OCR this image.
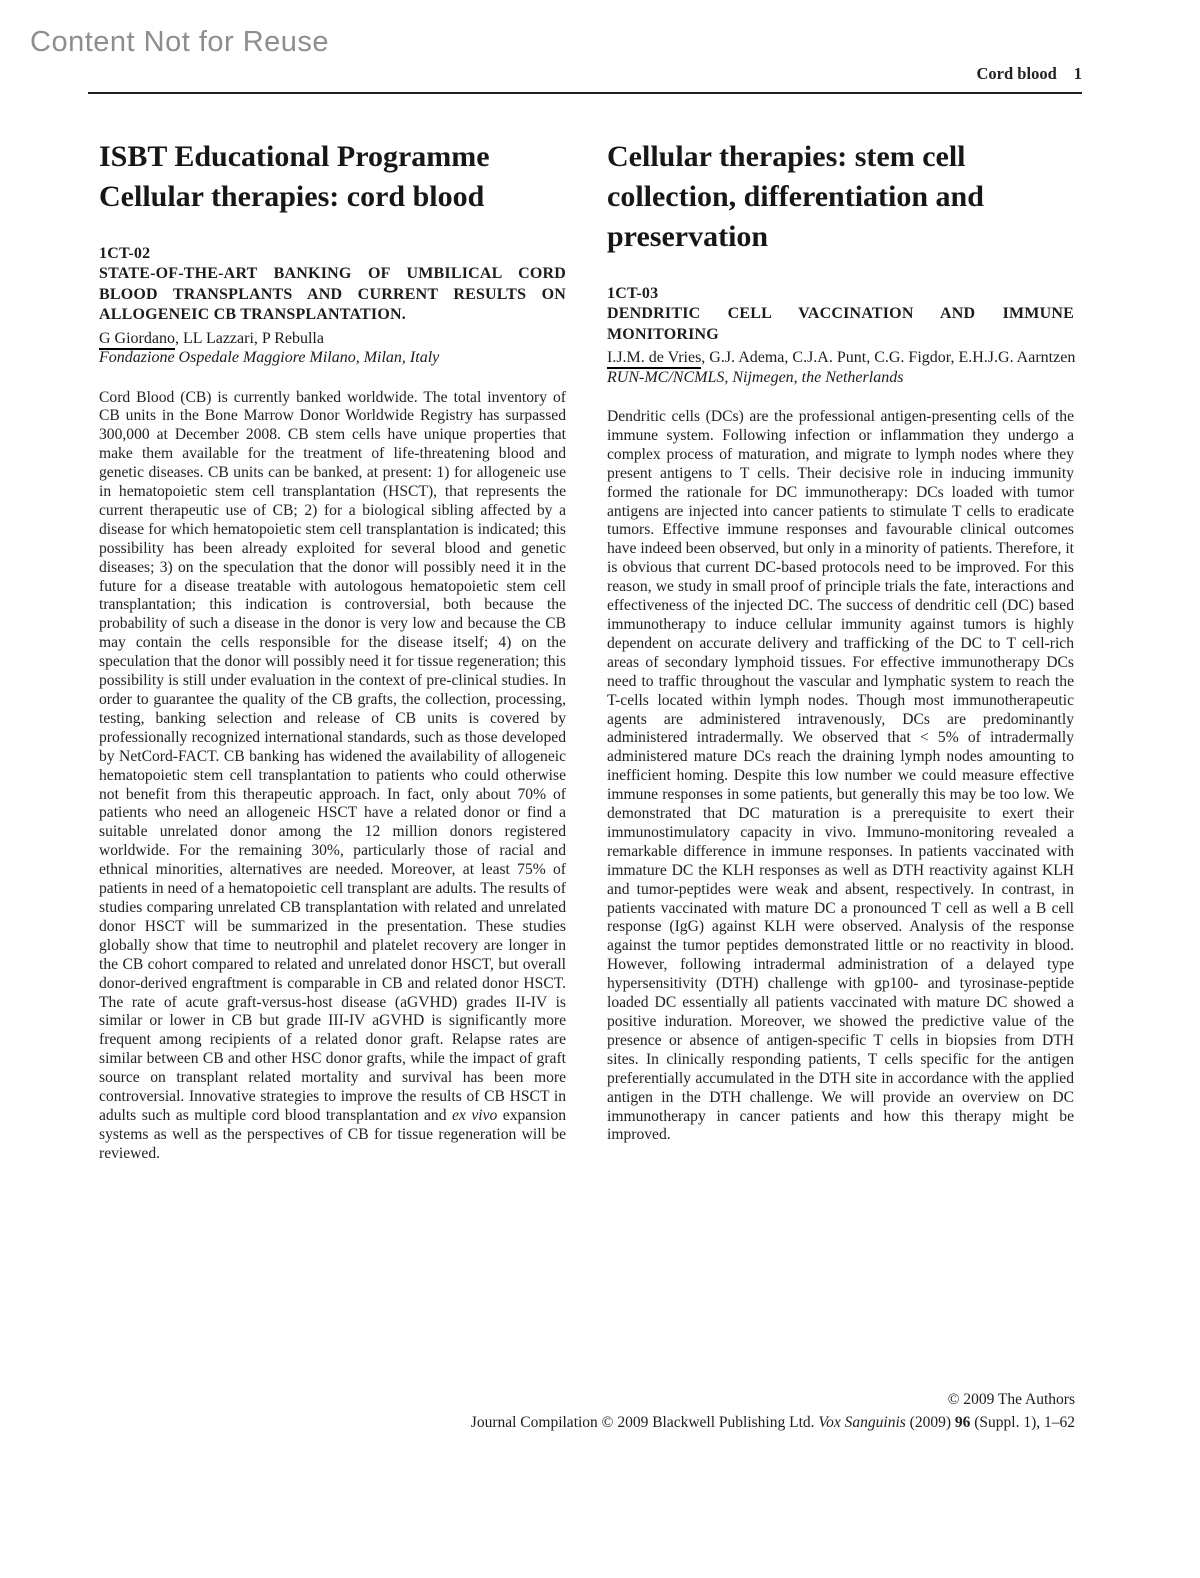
Content Not for Reuse
Cord blood 1
ISBT Educational Programme
Cellular therapies: cord blood
1CT-02
STATE-OF-THE-ART BANKING OF UMBILICAL CORD BLOOD TRANSPLANTS AND CURRENT RESULTS ON ALLOGENEIC CB TRANSPLANTATION.
G Giordano, LL Lazzari, P Rebulla
Fondazione Ospedale Maggiore Milano, Milan, Italy
Cord Blood (CB) is currently banked worldwide. The total inventory of CB units in the Bone Marrow Donor Worldwide Registry has surpassed 300,000 at December 2008. CB stem cells have unique properties that make them available for the treatment of life-threatening blood and genetic diseases. CB units can be banked, at present: 1) for allogeneic use in hematopoietic stem cell transplantation (HSCT), that represents the current therapeutic use of CB; 2) for a biological sibling affected by a disease for which hematopoietic stem cell transplantation is indicated; this possibility has been already exploited for several blood and genetic diseases; 3) on the speculation that the donor will possibly need it in the future for a disease treatable with autologous hematopoietic stem cell transplantation; this indication is controversial, both because the probability of such a disease in the donor is very low and because the CB may contain the cells responsible for the disease itself; 4) on the speculation that the donor will possibly need it for tissue regeneration; this possibility is still under evaluation in the context of pre-clinical studies. In order to guarantee the quality of the CB grafts, the collection, processing, testing, banking selection and release of CB units is covered by professionally recognized international standards, such as those developed by NetCord-FACT. CB banking has widened the availability of allogeneic hematopoietic stem cell transplantation to patients who could otherwise not benefit from this therapeutic approach. In fact, only about 70% of patients who need an allogeneic HSCT have a related donor or find a suitable unrelated donor among the 12 million donors registered worldwide. For the remaining 30%, particularly those of racial and ethnical minorities, alternatives are needed. Moreover, at least 75% of patients in need of a hematopoietic cell transplant are adults. The results of studies comparing unrelated CB transplantation with related and unrelated donor HSCT will be summarized in the presentation. These studies globally show that time to neutrophil and platelet recovery are longer in the CB cohort compared to related and unrelated donor HSCT, but overall donor-derived engraftment is comparable in CB and related donor HSCT. The rate of acute graft-versus-host disease (aGVHD) grades II-IV is similar or lower in CB but grade III-IV aGVHD is significantly more frequent among recipients of a related donor graft. Relapse rates are similar between CB and other HSC donor grafts, while the impact of graft source on transplant related mortality and survival has been more controversial. Innovative strategies to improve the results of CB HSCT in adults such as multiple cord blood transplantation and ex vivo expansion systems as well as the perspectives of CB for tissue regeneration will be reviewed.
Cellular therapies: stem cell
collection, differentiation and
preservation
1CT-03
DENDRITIC CELL VACCINATION AND IMMUNE MONITORING
I.J.M. de Vries, G.J. Adema, C.J.A. Punt, C.G. Figdor, E.H.J.G. Aarntzen
RUN-MC/NCMLS, Nijmegen, the Netherlands
Dendritic cells (DCs) are the professional antigen-presenting cells of the immune system. Following infection or inflammation they undergo a complex process of maturation, and migrate to lymph nodes where they present antigens to T cells. Their decisive role in inducing immunity formed the rationale for DC immunotherapy: DCs loaded with tumor antigens are injected into cancer patients to stimulate T cells to eradicate tumors. Effective immune responses and favourable clinical outcomes have indeed been observed, but only in a minority of patients. Therefore, it is obvious that current DC-based protocols need to be improved. For this reason, we study in small proof of principle trials the fate, interactions and effectiveness of the injected DC. The success of dendritic cell (DC) based immunotherapy to induce cellular immunity against tumors is highly dependent on accurate delivery and trafficking of the DC to T cell-rich areas of secondary lymphoid tissues. For effective immunotherapy DCs need to traffic throughout the vascular and lymphatic system to reach the T-cells located within lymph nodes. Though most immunotherapeutic agents are administered intravenously, DCs are predominantly administered intradermally. We observed that < 5% of intradermally administered mature DCs reach the draining lymph nodes amounting to inefficient homing. Despite this low number we could measure effective immune responses in some patients, but generally this may be too low. We demonstrated that DC maturation is a prerequisite to exert their immunostimulatory capacity in vivo. Immuno-monitoring revealed a remarkable difference in immune responses. In patients vaccinated with immature DC the KLH responses as well as DTH reactivity against KLH and tumor-peptides were weak and absent, respectively. In contrast, in patients vaccinated with mature DC a pronounced T cell as well a B cell response (IgG) against KLH were observed. Analysis of the response against the tumor peptides demonstrated little or no reactivity in blood. However, following intradermal administration of a delayed type hypersensitivity (DTH) challenge with gp100- and tyrosinase-peptide loaded DC essentially all patients vaccinated with mature DC showed a positive induration. Moreover, we showed the predictive value of the presence or absence of antigen-specific T cells in biopsies from DTH sites. In clinically responding patients, T cells specific for the antigen preferentially accumulated in the DTH site in accordance with the applied antigen in the DTH challenge. We will provide an overview on DC immunotherapy in cancer patients and how this therapy might be improved.
© 2009 The Authors
Journal Compilation © 2009 Blackwell Publishing Ltd. Vox Sanguinis (2009) 96 (Suppl. 1), 1–62
